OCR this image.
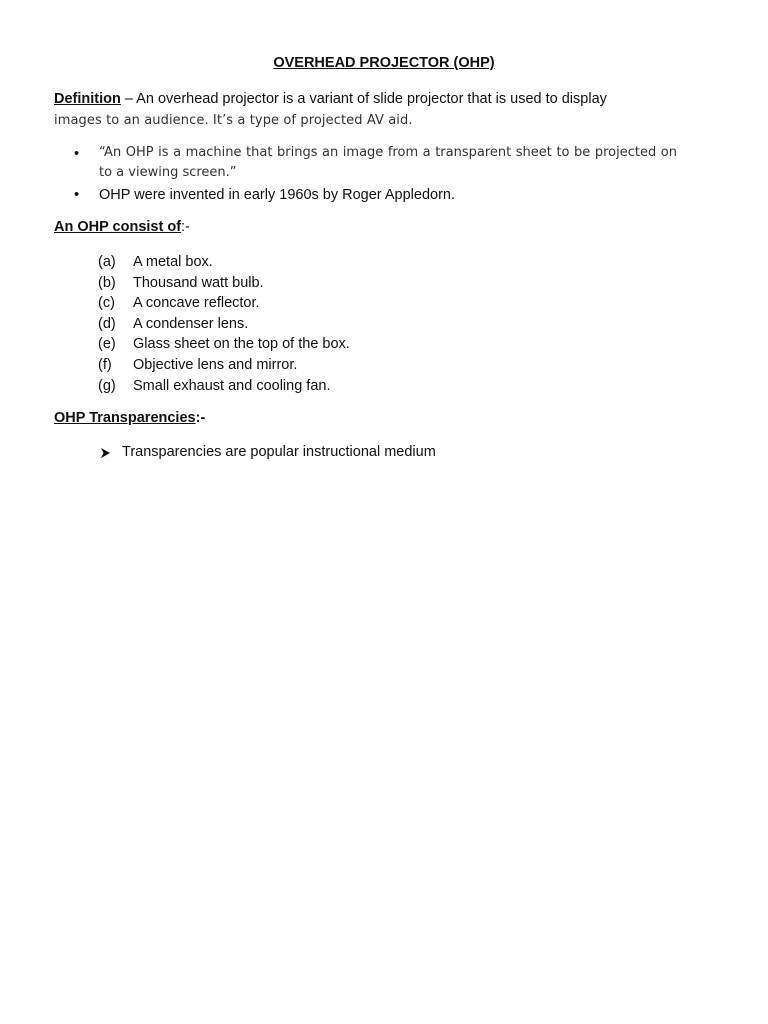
OVERHEAD PROJECTOR (OHP)
Definition – An overhead projector is a variant of slide projector that is used to display
images to an audience. It’s a type of projected AV aid.
• “An OHP is a machine that brings an image from a transparent sheet to be projected on to a viewing screen.”
• OHP were invented in early 1960s by Roger Appledorn.
An OHP consist of:-
(a)	A metal box.
(b)	Thousand watt bulb.
(c)	A concave reflector.
(d)	A condenser lens.
(e)	Glass sheet on the top of the box.
(f)	Objective lens and mirror.
(g)	Small exhaust and cooling fan.
OHP Transparencies:-
Transparencies are popular instructional medium
